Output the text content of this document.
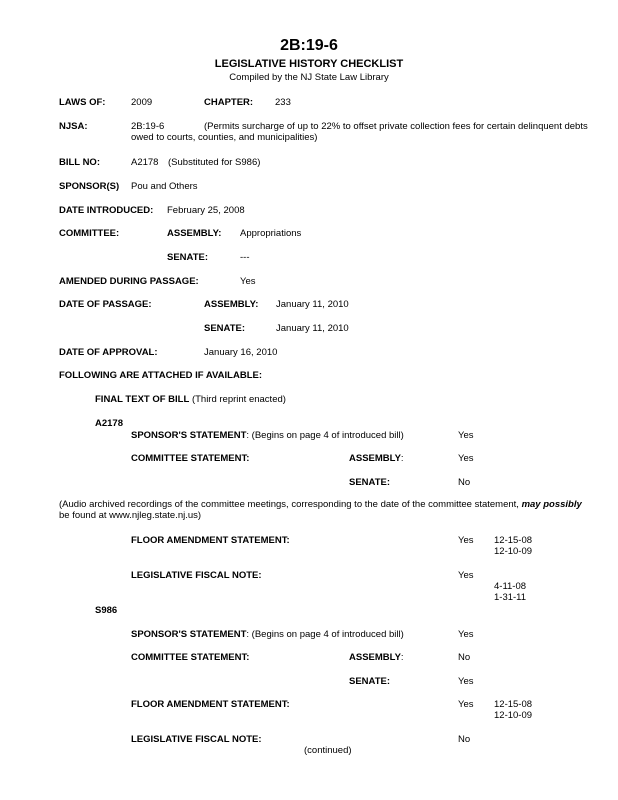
2B:19-6
LEGISLATIVE HISTORY CHECKLIST
Compiled by the NJ State Law Library
LAWS OF:	2009	CHAPTER: 233
NJSA:	2B:19-6	(Permits surcharge of up to 22% to offset private collection fees for certain delinquent debts
owed to courts, counties, and municipalities)
BILL NO:	A2178 (Substituted for S986)
SPONSOR(S) Pou and Others
DATE INTRODUCED: February 25, 2008
COMMITTEE:	ASSEMBLY: Appropriations
SENATE:	---
AMENDED DURING PASSAGE:	Yes
DATE OF PASSAGE:	ASSEMBLY: January 11, 2010
SENATE:	January 11, 2010
DATE OF APPROVAL:	January 16, 2010
FOLLOWING ARE ATTACHED IF AVAILABLE:
FINAL TEXT OF BILL (Third reprint enacted)
A2178
SPONSOR'S STATEMENT: (Begins on page 4 of introduced bill)	Yes
COMMITTEE STATEMENT:	ASSEMBLY:	Yes
SENATE:	No
(Audio archived recordings of the committee meetings, corresponding to the date of the committee statement, may possibly
be found at www.njleg.state.nj.us)
FLOOR AMENDMENT STATEMENT:	Yes 12-15-08
12-10-09
LEGISLATIVE FISCAL NOTE:	Yes
4-11-08
1-31-11
S986
SPONSOR'S STATEMENT: (Begins on page 4 of introduced bill)	Yes
COMMITTEE STATEMENT:	ASSEMBLY:	No
SENATE:	Yes
FLOOR AMENDMENT STATEMENT:	Yes 12-15-08
12-10-09
LEGISLATIVE FISCAL NOTE:	No
(continued)
